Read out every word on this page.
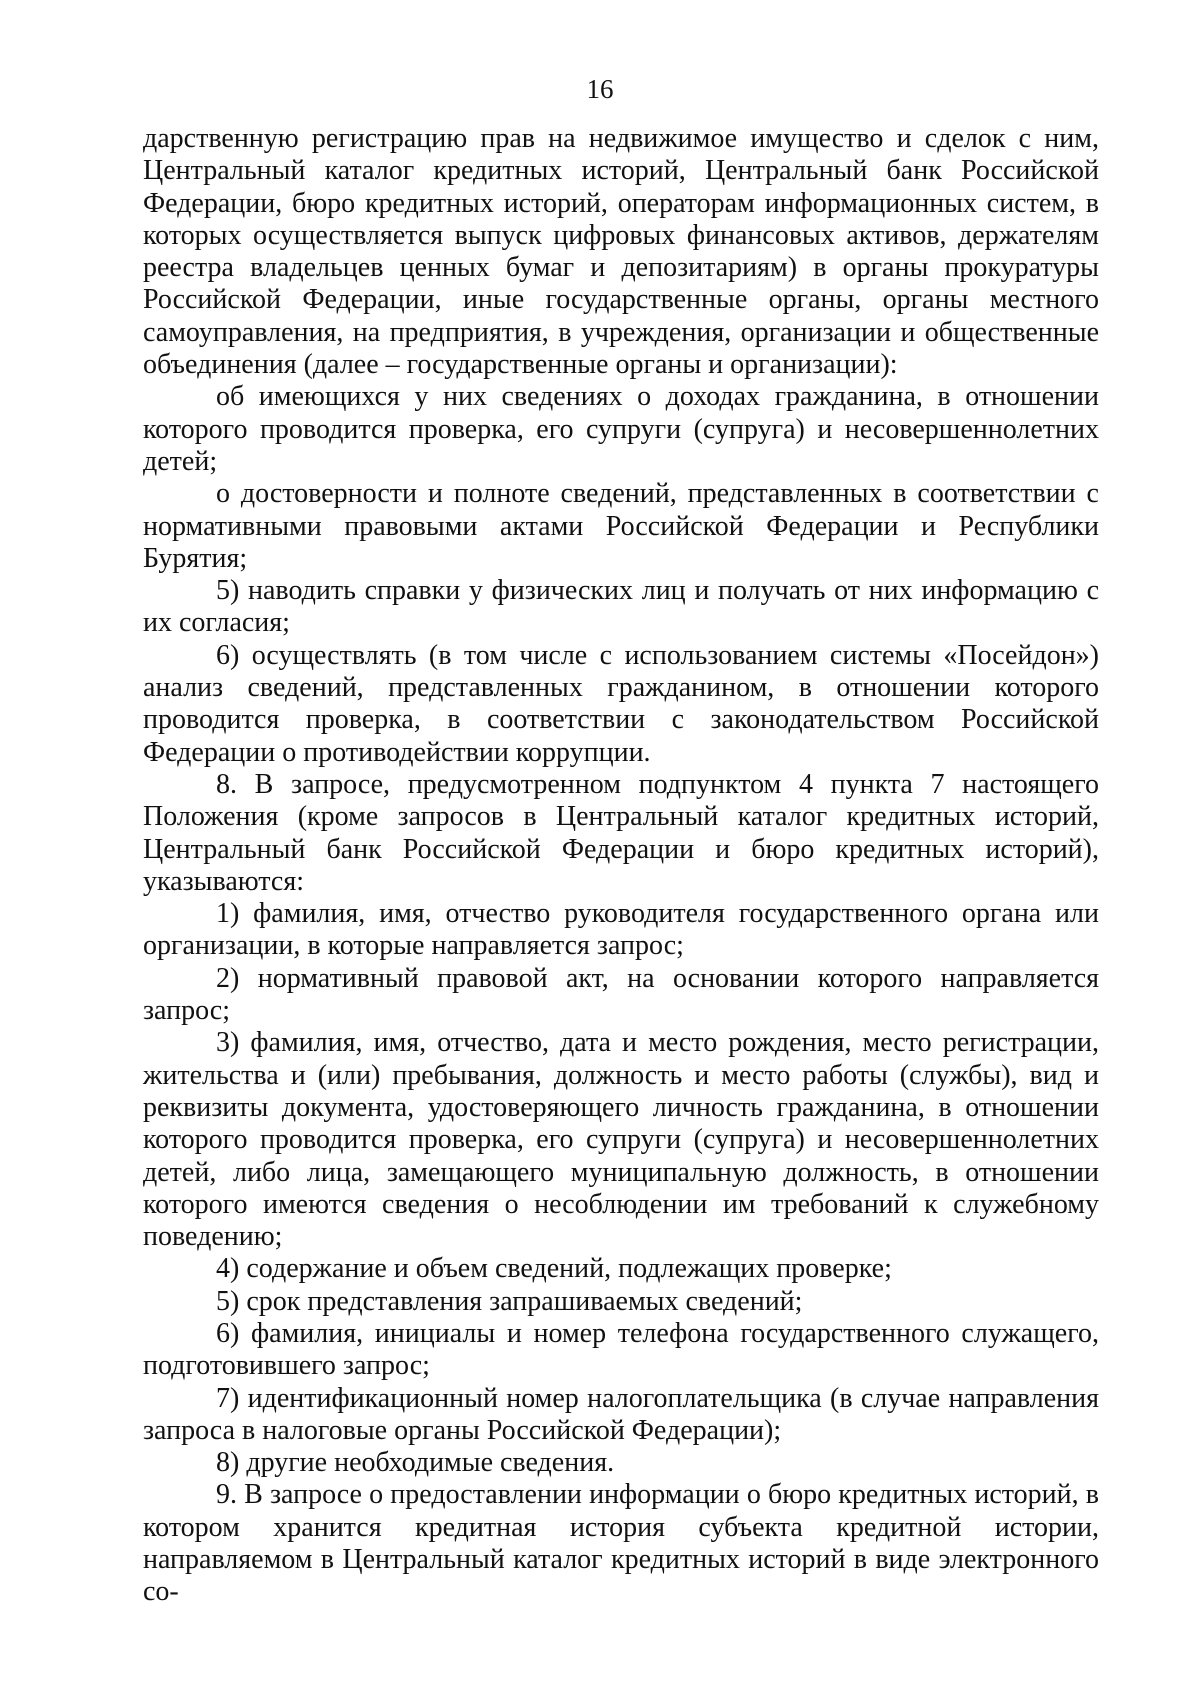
16

дарственную регистрацию прав на недвижимое имущество и сделок с ним, Центральный каталог кредитных историй, Центральный банк Российской Федерации, бюро кредитных историй, операторам информационных систем, в которых осуществляется выпуск цифровых финансовых активов, держателям реестра владельцев ценных бумаг и депозитариям) в органы прокуратуры Российской Федерации, иные государственные органы, органы местного самоуправления, на предприятия, в учреждения, организации и общественные объединения (далее – государственные органы и организации):

об имеющихся у них сведениях о доходах гражданина, в отношении которого проводится проверка, его супруги (супруга) и несовершеннолетних детей;

о достоверности и полноте сведений, представленных в соответствии с нормативными правовыми актами Российской Федерации и Республики Бурятия;

5) наводить справки у физических лиц и получать от них информацию с их согласия;

6) осуществлять (в том числе с использованием системы «Посейдон») анализ сведений, представленных гражданином, в отношении которого проводится проверка, в соответствии с законодательством Российской Федерации о противодействии коррупции.

8. В запросе, предусмотренном подпунктом 4 пункта 7 настоящего Положения (кроме запросов в Центральный каталог кредитных историй, Центральный банк Российской Федерации и бюро кредитных историй), указываются:

1) фамилия, имя, отчество руководителя государственного органа или организации, в которые направляется запрос;

2) нормативный правовой акт, на основании которого направляется запрос;

3) фамилия, имя, отчество, дата и место рождения, место регистрации, жительства и (или) пребывания, должность и место работы (службы), вид и реквизиты документа, удостоверяющего личность гражданина, в отношении которого проводится проверка, его супруги (супруга) и несовершеннолетних детей, либо лица, замещающего муниципальную должность, в отношении которого имеются сведения о несоблюдении им требований к служебному поведению;

4) содержание и объем сведений, подлежащих проверке;

5) срок представления запрашиваемых сведений;

6) фамилия, инициалы и номер телефона государственного служащего, подготовившего запрос;

7) идентификационный номер налогоплательщика (в случае направления запроса в налоговые органы Российской Федерации);

8) другие необходимые сведения.

9. В запросе о предоставлении информации о бюро кредитных историй, в котором хранится кредитная история субъекта кредитной истории, направляемом в Центральный каталог кредитных историй в виде электронного со-
